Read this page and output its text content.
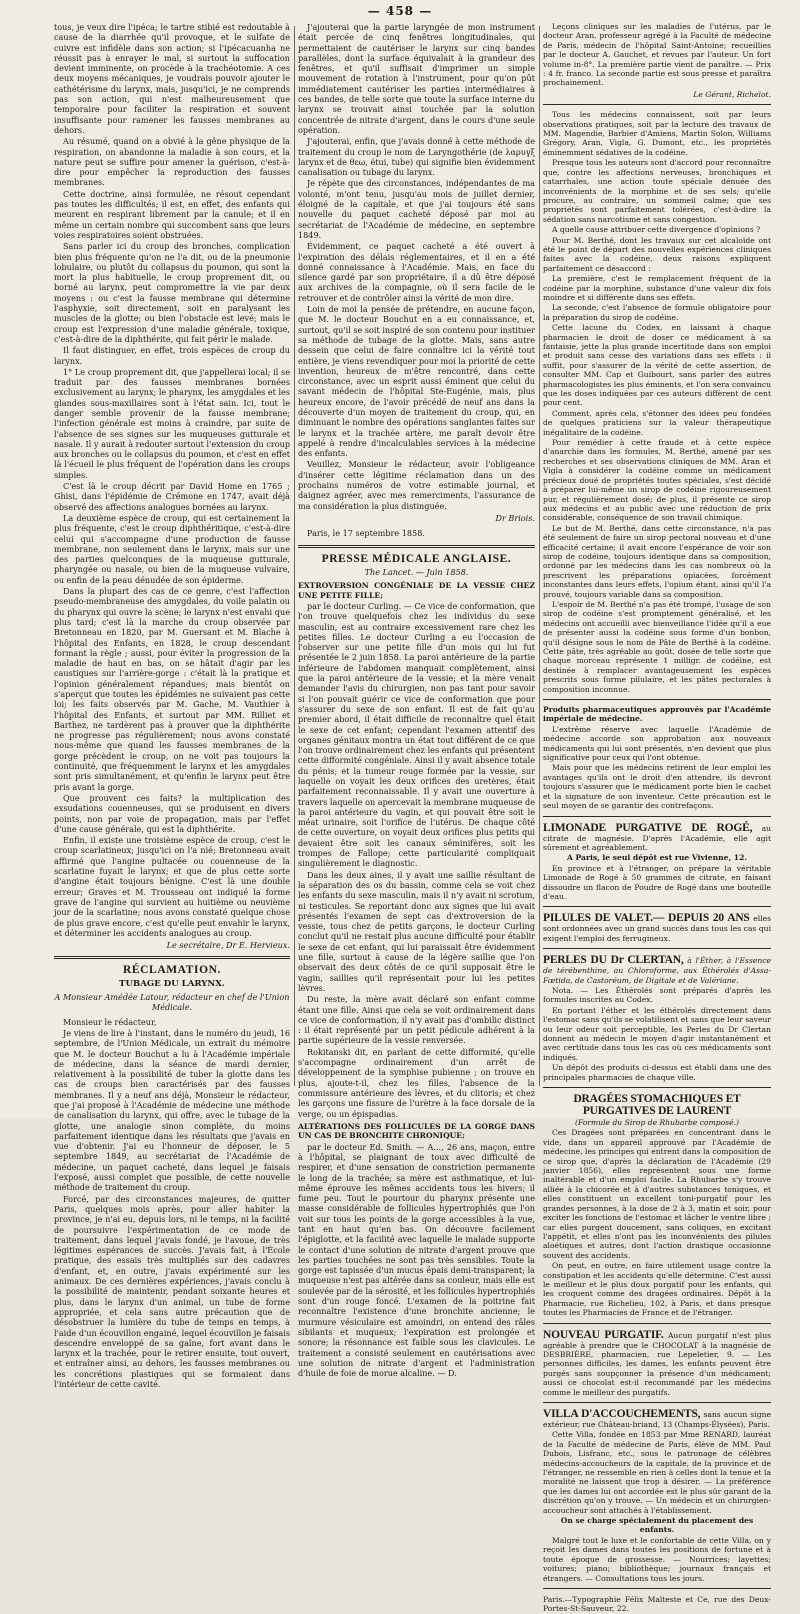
— 458 —

tous, je veux dire l'ipéca; le tartre stibié est redoutable à cause de la diarrhée qu'il provoque, et le sulfate de cuivre est infidèle dans son action; si l'ipécacuanha ne réussit pas à enrayer le mal, si surtout la suffocation devient imminente, on procède à la trachéotomie. A ces deux moyens mécaniques, je voudrais pouvoir ajouter le cathétérisme du larynx, mais, jusqu'ici, je ne comprends pas son action, qui n'est malheureusement que temporaire pour faciliter la respiration et souvent insuffisante pour ramener les fausses membranes au dehors.

Au résumé, quand on a obvié à la gêne physique de la respiration, on abandonne la maladie à son cours, et la nature peut se suffire pour amener la guérison, c'est-à-dire pour empêcher la reproduction des fausses membranes.

Cette doctrine, ainsi formulée, ne résout cependant pas toutes les difficultés; il est, en effet, des enfants qui meurent en respirant librement par la canule; et il en même un certain nombre qui succombent sans que leurs voies respiratoires soient obstruées.

Sans parler ici du croup des bronches, complication bien plus fréquente qu'on ne l'a dit, ou de la pneumonie lobulaire, ou plutôt du collapsus du poumon, qui sont la mort la plus habituelle, le croup proprement dit, ou borné au larynx, peut compromettre la vie par deux moyens : ou c'est la fausse membrane qui détermine l'asphyxie, soit directement, soit en paralysant les muscles de la glotte; ou bien l'obstacle est levé; mais le croup est l'expression d'une maladie générale, toxique, c'est-à-dire de la diphthérite, qui fait périr le malade.

Il faut distinguer, en effet, trois espèces de croup du larynx.

1° Le croup proprement dit, que j'appellerai local; il se traduit par des fausses membranes bornées exclusivement au larynx; le pharynx, les amygdales et les glandes sous-maxillaires sont à l'état sain. Ici, tout le danger semble provenir de la fausse membrane; l'infection générale est moins à craindre, par suite de l'absence de ses signes sur les muqueuses gutturale et nasale. Il y aurait à redouter surtout l'extension du croup aux bronches ou le collapsus du poumon, et c'est en effet là l'écueil le plus fréquent de l'opération dans les croups simples.

C'est là le croup décrit par David Home en 1765 ; Ghisi, dans l'épidémie de Crémone en 1747, avait déjà observé des affections analogues bornées au larynx.

La deuxième espèce de croup, qui est certainement la plus fréquente, c'est le croup diphthéritique, c'est-à-dire celui qui s'accompagne d'une production de fausse membrane, non seulement dans le larynx, mais sur une des parties quelconques de la muqueuse gutturale, pharyngée ou nasale, ou bien de la muqueuse vulvaire, ou enfin de la peau dénudée de son épiderme.

Dans la plupart des cas de ce genre, c'est l'affection pseudo-membraneuse des amygdales, du voile palatin ou du pharynx qui ouvre la scène; le larynx n'est envahi que plus tard; c'est là la marche du croup observée par Bretonneau en 1820, par M. Guersant et M. Blache à l'hôpital des Enfants, en 1828, le croup descendant formant la règle ; aussi, pour éviter la progression de la maladie de haut en bas, on se hâtait d'agir par les caustiques sur l'arrière-gorge : c'était là la pratique et l'opinion généralement répandues; mais bientôt on s'aperçut que toutes les épidémies ne suivaient pas cette loi; les faits observés par M. Gache, M. Vauthier à l'hôpital des Enfants, et surtout par MM. Rilliet et Barthez, ne tardèrent pas à prouver que la diphthérite ne progresse pas régulièrement; nous avons constaté nous-même que quand les fausses membranes de la gorge précèdent le croup, on ne voit pas toujours la continuité, que fréquemment le larynx et les amygdales sont pris simultanément, et qu'enfin le larynx peut être pris avant la gorge.

Que prouvent ces faits? la multiplication des exsudations couenneuses, qui se produisent en divers points, non par voie de propagation, mais par l'effet d'une cause générale, qui est la diphthérite.

Enfin, il existe une troisième espèce de croup, c'est le croup scarlatineux; jusqu'ici on l'a nié; Bretonneau avait affirmé que l'angine pultacée ou couenneuse de la scarlatine fuyait le larynx; et que de plus cette sorte d'angine était toujours bénigne. C'est là une double erreur; Graves et M. Trousseau ont indiqué la forme grave de l'angine qui survient au huitième ou neuvième jour de la scarlatine; nous avons constaté quelque chose de plus grave encore, c'est qu'elle peut envahir le larynx, et déterminer les accidents analogues au croup.

Le secrétaire, Dr E. Hervieux.
RÉCLAMATION.
TUBAGE DU LARYNX.
A Monsieur Amédée Latour, rédacteur en chef de l'Union Médicale.

Monsieur le rédacteur,

Je viens de lire à l'instant, dans le numéro du jeudi, 16 septembre, de l'Union Médicale, un extrait du mémoire que M. le docteur Bouchut a lu à l'Académie impériale de médecine, dans la séance de mardi dernier, relativement à la possibilité de tuber la glotte dans les cas de croups bien caractérisés par des fausses membranes. Il y a neuf ans déjà, Monsieur le rédacteur, que j'ai proposé à l'Académie de médecine une méthode de canalisation du larynx, qui offre, avec le tubage de la glotte, une analogie sinon complète, du moins parfaitement identique dans les résultats que j'avais en vue d'obtenir. J'ai eu l'honneur de déposer, le 5 septembre 1849, au secrétariat de l'Académie de médecine, un paquet cacheté, dans lequel je faisais l'exposé, aussi complet que possible, de cette nouvelle méthode de traitement du croup.

Forcé, par des circonstances majeures, de quitter Paris, quelques mois après, pour aller habiter la province, je n'ai eu, depuis lors, ni le temps, ni la facilité de poursuivre l'expérimentation de ce mode de traitement, dans lequel j'avais fondé, je l'avoue, de très légitimes espérances de succès. J'avais fait, à l'École pratique, des essais très multipliés sur des cadavres d'enfant, et, en outre, j'avais expérimenté sur les animaux. De ces dernières expériences, j'avais conclu à la possibilité de maintenir, pendant soixante heures et plus, dans le larynx d'un animal, un tube de forme appropriée, et cela sans autre précaution que de désobstruer la lumière du tube de temps en temps, à l'aide d'un écouvillon engainé, lequel écouvillon je faisais descendre enveloppé de sa gaîne, fort avant dans le larynx et la trachée, pour le retirer ensuite, tout ouvert, et entraîner ainsi, au dehors, les fausses membranes ou les concrétions plastiques qui se formaient dans l'intérieur de cette cavité.

J'ajouterai que la partie laryngée de mon instrument était percée de cinq fenêtres longitudinales, qui permettaient de cautériser le larynx sur cinq bandes parallèles, dont la surface équivalait à la grandeur des fenêtres, et qu'il suffisait d'imprimer un simple mouvement de rotation à l'instrument, pour qu'on pût immédiatement cautériser les parties intermédiaires à ces bandes, de telle sorte que toute la surface interne du larynx se trouvait ainsi touchée par la solution concentrée de nitrate d'argent, dans le cours d'une seule opération.

J'ajouterai, enfin, que j'avais donné à cette méthode de traitement du croup le nom de Laryngothérie (de λαρυγξ larynx et de θεω, étui, tube) qui signifie bien évidemment canalisation ou tubage du larynx.

Je répète que des circonstances, indépendantes de ma volonté, m'ont tenu, jusqu'au mois de juillet dernier, éloigné de la capitale, et que j'ai toujours été sans nouvelle du paquet cacheté déposé par moi au secrétariat de l'Académie de médecine, en septembre 1849.

Évidemment, ce paquet cacheté a été ouvert à l'expiration des délais réglementaires, et il en a été donné connaissance à l'Académie. Mais, en face du silence gardé par son propriétaire, il a dû être déposé aux archives de la compagnie, où il sera facile de le retrouver et de contrôler ainsi la vérité de mon dire.

Loin de moi la pensée de prétendre, en aucune façon, que M. le docteur Bouchut en a eu connaissance, et, surtout, qu'il se soit inspiré de son contenu pour instituer sa méthode de tubage de la glotte. Mais, sans autre dessein que celui de faire connaître ici la vérité tout entière, je viens revendiquer pour moi la priorité de cette invention, heureux de m'être rencontré, dans cette circonstance, avec un esprit aussi éminent que celui du savant médecin de l'hôpital Ste-Eugénie, mais, plus heureux encore, de l'avoir précédé de neuf ans dans la découverte d'un moyen de traitement du croup, qui, en diminuant le nombre des opérations sanglantes faites sur le larynx et la trachée artère, me paraît devoir être appelé à rendre d'incalculables services à la médecine des enfants.

Veuillez, Monsieur le rédacteur, avoir l'obligeance d'insérer cette légitime réclamation dans un des prochains numéros de votre estimable journal, et daignez agréer, avec mes remerciments, l'assurance de ma considération la plus distinguée.

Dr Briois.

Paris, le 17 septembre 1858.

PRESSE MÉDICALE ANGLAISE.
The Lancet. — Juin 1858.

EXTROVERSION CONGÉNIALE DE LA VESSIE CHEZ UNE PETITE FILLE;

par le docteur Curling. — Ce vice de conformation, que l'on trouve quelquefois chez les individus du sexe masculin, est au contraire excessivement rare chez les petites filles. Le docteur Curling a eu l'occasion de l'observer sur une petite fille d'un mois qui lui fut présentée le 2 juin 1858. La paroi antérieure de la partie inférieure de l'abdomen manquait complètement, ainsi que la paroi antérieure de la vessie; et la mère venait demander l'avis du chirurgien, non pas tant pour savoir si l'on pouvait guérir ce vice de conformation que pour s'assurer du sexe de son enfant. Il est de fait qu'au premier abord, il était difficile de reconnaître quel était le sexe de cet enfant; cependant l'examen attentif des organes génitaux montra un état tout différent de ce que l'on trouve ordinairement chez les enfants qui présentent cette difformité congéniale. Ainsi il y avait absence totale du pénis; et la tumeur rouge formée par la vessie, sur laquelle on voyait les deux orifices des uretères, était parfaitement reconnaissable. Il y avait une ouverture à travers laquelle on apercevait la membrane muqueuse de la paroi antérieure du vagin, et qui pouvait être soit le méat urinaire, soit l'orifice de l'utérus. De chaque côté de cette ouverture, on voyait deux orifices plus petits qui devaient être soit les canaux séminifères, soit les trompes de Fallope; cette particularité compliquait singulièrement le diagnostic.

Dans les deux aines, il y avait une saillie résultant de la séparation des os du bassin, comme cela se voit chez les enfants du sexe masculin, mais il n'y avait ni scrotum, ni testicules. Se reportant donc aux signes que lui avait présentés l'examen de sept cas d'extroversion de la vessie, tous chez de petits garçons, le docteur Curling conclut qu'il ne restait plus aucune difficulté pour établir le sexe de cet enfant, qui lui paraissait être évidemment une fille, surtout à cause de la légère saillie que l'on observait des deux côtés de ce qu'il supposait être le vagin, saillies qu'il représentait pour lui les petites lèvres.

Du reste, la mère avait déclaré son enfant comme étant une fille. Ainsi que cela se voit ordinairement dans ce vice de conformation, il n'y avait pas d'ombilic distinct : il était représenté par un petit pédicule adhérent à la partie supérieure de la vessie renversée.

Rokitanski dit, en parlant de cette difformité, qu'elle s'accompagne ordinairement d'un arrêt de développement de la symphise pubienne ; on trouve en plus, ajoute-t-il, chez les filles, l'absence de la commissure antérieure des lèvres, et du clitoris; et chez les garçons une fissure de l'urètre à la face dorsale de la verge, ou un épispadias.

ALTÉRATIONS DES FOLLICULES DE LA GORGE DANS UN CAS DE BRONCHITE CHRONIQUE;

par le docteur Ed. Smith. — A..., 26 ans, maçon, entre à l'hôpital, se plaignant de toux avec difficulté de respirer, et d'une sensation de constriction permanente le long de la trachée; sa mère est asthmatique, et lui-même éprouve les mêmes accidents tous les hivers; il fume peu. Tout le pourtour du pharynx présente une masse considérable de follicules hypertrophiés que l'on voit sur tous les points de la gorge accessibles à la vue, tant en haut qu'en bas. On découvre facilement l'épiglotte, et la facilité avec laquelle le malade supporte le contact d'une solution de nitrate d'argent prouve que les parties touchées ne sont pas très sensibles. Toute la gorge est tapissée d'un mucus épais demi-transparent; la muqueuse n'est pas altérée dans sa couleur, mais elle est soulevée par de la sérosité, et les follicules hypertrophiés sont d'un rouge foncé. L'examen de la poitrine fait reconnaître l'existence d'une bronchite ancienne; le murmure vésiculaire est amoindri, on entend des râles sibilants et muqueux; l'expiration est prolongée et sonore; la résonnance est faible sous les clavicules. Le traitement a consisté seulement en cautérisations avec une solution de nitrate d'argent et l'administration d'huile de foie de morue alcaline. — D.

Leçons cliniques sur les maladies de l'utérus, par le docteur Aran, professeur agrégé à la Faculté de médecine de Paris, médecin de l'hôpital Saint-Antoine; recueillies par le docteur A. Gauchet, et revues par l'auteur. Un fort volume in-8°. La première partie vient de paraître. — Prix : 4 fr. franco. La seconde partie est sous presse et paraîtra prochainement.

Le Gérant, Richelot.

Tous les médecins connaissent, soit par leurs observations pratiques, soit par la lecture des travaux de MM. Magendie, Barbier d'Amiens, Martin Solon, Williams Grégory, Aran, Vigla, G. Dumont, etc., les propriétés éminemment sédatives de la codéine.

Presque tous les auteurs sont d'accord pour reconnaître que, contre les affections nerveuses, bronchiques et catarrhales, une action toute spéciale dénuée des inconvénients de la morphine et de ses sels; qu'elle procure, au contraire, un sommeil calme; que ses propriétés sont parfaitement tolérées, c'est-à-dire la sédation sans narcotisme et sans congestion.

A quelle cause attribuer cette divergence d'opinions ?

Pour M. Berthé, dont les travaux sur cet alcaloïde ont été le point de départ des nouvelles expériences cliniques faites avec la codéine, deux raisons expliquent parfaitement ce désaccord :

La première, c'est le remplacement fréquent de la codéine par la morphine, substance d'une valeur dix fois moindre et si différente dans ses effets.

La seconde, c'est l'absence de formule obligatoire pour la préparation du sirop de codéine.

Cette lacune du Codex, en laissant à chaque pharmacien le droit de doser ce médicament à sa fantaisie, jette la plus grande incertitude dans son emploi et produit sans cesse des variations dans ses effets : il suffit, pour s'assurer de la vérité de cette assertion, de consulter MM. Cap et Guibourt, sans parler des autres pharmacologistes les plus éminents, et l'on sera convaincu que les doses indiquées par ces auteurs diffèrent de cent pour cent.

Comment, après cela, s'étonner des idées peu fondées de quelques praticiens sur la valeur thérapeutique inégalitaire de la codéine.

Pour remédier à cette fraude et à cette espèce d'anarchie dans les formules, M. Berthé, amené par ses recherches et ses observations cliniques de MM. Aran et Vigla à considérer la codéine comme un médicament précieux doué de propriétés toutes spéciales, s'est décidé à préparer lui-même un sirop de codéine rigoureusement pur, et régulièrement dosé; de plus, il présente ce sirop aux médecins et au public avec une réduction de prix considérable, conséquence de son travail chimique.

Le but de M. Berthé, dans cette circonstance, n'a pas été seulement de faire un sirop pectoral nouveau et d'une efficacité certaine; il avait encore l'espérance de voir son sirop de codéine, toujours identique dans sa composition, ordonné par les médecins dans les cas nombreux où la prescrivent les préparations opiacées, forcément inconstantes dans leurs effets, l'opium étant, ainsi qu'il l'a prouvé, toujours variable dans sa composition.

L'espoir de M. Berthé n'a pas été trompé, l'usage de son sirop de codéine s'est promptement généralisé, et les médecins ont accueilli avec bienveillance l'idée qu'il a eue de présenter aussi la codéine sous forme d'un bonbon, qu'il désigne sous le nom de Pâte de Berthé à la codéine. Cette pâte, très agréable au goût, dosée de telle sorte que chaque morceau représente 1 milligr. de codéine, est destinée à remplacer avantageusement les espèces prescrits sous forme pilulaire, et les pâtes pectorales à composition inconnue.

Produits pharmaceutiques approuvés par l'Académie impériale de médecine.

L'extrême réserve avec laquelle l'Académie de médecine accorde son approbation aux nouveaux médicaments qui lui sont présentés, n'en devient que plus significative pour ceux qui l'ont obtenue.

Mais pour que les médecins retirent de leur emploi les avantages qu'ils ont le droit d'en attendre, ils devront toujours s'assurer que le médicament porte bien le cachet et la signature de son inventeur. Cette précaution est le seul moyen de se garantir des contrefaçons.

LIMONADE PURGATIVE DE ROGÉ, au citrate de magnésie. D'après l'Académie, elle agit sûrement et agréablement.

A Paris, le seul dépôt est rue Vivienne, 12.

En province et à l'étranger, on prépare la véritable Limonade de Rogé à 50 grammes de citrate, en faisant dissoudre un flacon de Poudre de Rogé dans une bouteille d'eau.

PILULES DE VALET.— DEPUIS 20 ANS elles sont ordonnées avec un grand succès dans tous les cas qui exigent l'emploi des ferrugineux.

PERLES DU Dr CLERTAN, à l'Éther, à l'Essence de térébenthine, au Chloroforme, aux Éthérolés d'Assa-Fœtida, de Castoréum, de Digitale et de Valériane.

Nota. — Les Éthérolés sont préparés d'après les formules inscrites au Codex.

En portant l'éther et les éthérolés directement dans l'estomac sans qu'ils se volatilisent et sans que leur saveur ou leur odeur soit perceptible, les Perles du Dr Clertan donnent au médecin le moyen d'agir instantanément et avec certitude dans tous les cas où ces médicaments sont indiqués.

Un dépôt des produits ci-dessus est établi dans une des principales pharmacies de chaque ville.

DRAGÉES STOMACHIQUES ET PURGATIVES DE LAURENT

(Formule du Sirop de Rhubarbe composé.)

Ces Dragées sont préparées en concentrant dans le vide, dans un appareil approuvé par l'Académie de médecine, les principes qui entrent dans la composition de ce sirop que, d'après la déclaration de l'Académie (29 janvier 1856), elles représentent sous une forme inaltérable et d'un emploi facile. La Rhubarbe s'y trouve alliée à la chicorée et à d'autres substances toniques, et elles constituent un excellent toni-purgatif pour les grandes personnes, à la dose de 2 à 3, matin et soir, pour exciter les fonctions de l'estomac et lâcher le ventre libre ; car elles purgent doucement, sans coliques, en excitant l'appétit, et elles n'ont pas les inconvénients des pilules aloétiques et autres, dont l'action drastique occasionne souvent des accidents.

On peut, en outre, en faire utilement usage contre la constipation et les accidents qu'elle détermine. C'est aussi le meilleur et le plus doux purgatif pour les enfants, qui les croquent comme des dragées ordinaires. Dépôt à la Pharmacie, rue Richelieu, 102, à Paris, et dans presque toutes les Pharmacies de France et de l'étranger.

NOUVEAU PURGATIF. Aucun purgatif n'est plus agréable à prendre que le CHOCOLAT à la magnésie de DESBRIÈRE, pharmacien, rue Lepeletier, 9. — Les personnes difficiles, les dames, les enfants peuvent être purgés sans soupçonner la présence d'un médicament; aussi ce chocolat est-il recommandé par les médecins comme le meilleur des purgatifs.

VILLA D'ACCOUCHEMENTS, sans aucun signe extérieur, rue Château-briand, 13 (Champs-Élysées), Paris.

Cette Villa, fondée en 1853 par Mme RENARD, lauréat de la Faculté de médecine de Paris, élève de MM. Paul Dubois, Lisfranc, etc., sous le patronage de célèbres médecins-accoucheurs de la capitale, de la province et de l'étranger, ne ressemble en rien à celles dont la tenue et la moralité ne laissent que trop à désirer. — La préférence que les dames lui ont accordée est le plus sûr garant de la discrétion qu'on y trouve. — Un médecin et un chirurgien-accoucheur sont attachés à l'établissement.

On se charge spécialement du placement des enfants.

Malgré tout le luxe et le confortable de cette Villa, on y reçoit les dames dans toutes les positions de fortune et à toute époque de grossesse. — Nourrices; layettes; voitures; piano; bibliothèque; journaux français et étrangers. — Consultations tous les jours.

Paris.—Typographie Félix Malteste et Ce, rue des Deux-Portes-St-Sauveur, 22.
